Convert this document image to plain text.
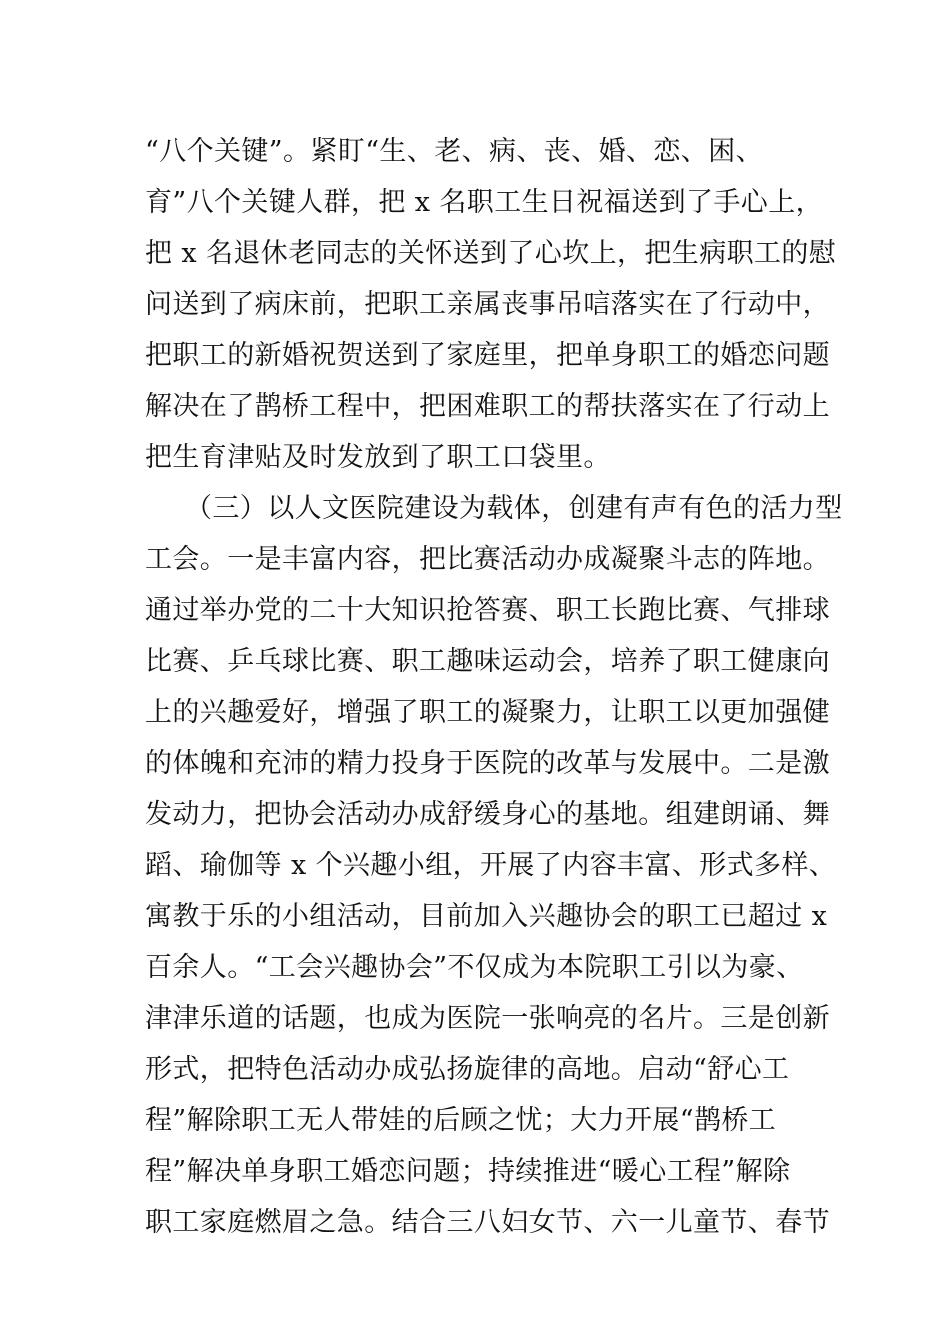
“八个关键”。紧盯“生、老、病、丧、婚、恋、困、
育”八个关键人群，把 x 名职工生日祝福送到了手心上，
把 x 名退休老同志的关怀送到了心坎上，把生病职工的慰
问送到了病床前，把职工亲属丧事吊唁落实在了行动中，
把职工的新婚祝贺送到了家庭里，把单身职工的婚恋问题
解决在了鹊桥工程中，把困难职工的帮扶落实在了行动上
把生育津贴及时发放到了职工口袋里。
（三）以人文医院建设为载体，创建有声有色的活力型
工会。一是丰富内容，把比赛活动办成凝聚斗志的阵地。
通过举办党的二十大知识抢答赛、职工长跑比赛、气排球
比赛、乒乓球比赛、职工趣味运动会，培养了职工健康向
上的兴趣爱好，增强了职工的凝聚力，让职工以更加强健
的体魄和充沛的精力投身于医院的改革与发展中。二是激
发动力，把协会活动办成舒缓身心的基地。组建朗诵、舞
蹈、瑜伽等 x 个兴趣小组，开展了内容丰富、形式多样、
寓教于乐的小组活动，目前加入兴趣协会的职工已超过 x
百余人。“工会兴趣协会”不仅成为本院职工引以为豪、
津津乐道的话题，也成为医院一张响亮的名片。三是创新
形式，把特色活动办成弘扬旋律的高地。启动“舒心工
程”解除职工无人带娃的后顾之忧；大力开展“鹊桥工
程”解决单身职工婚恋问题；持续推进“暖心工程”解除
职工家庭燃眉之急。结合三八妇女节、六一儿童节、春节
